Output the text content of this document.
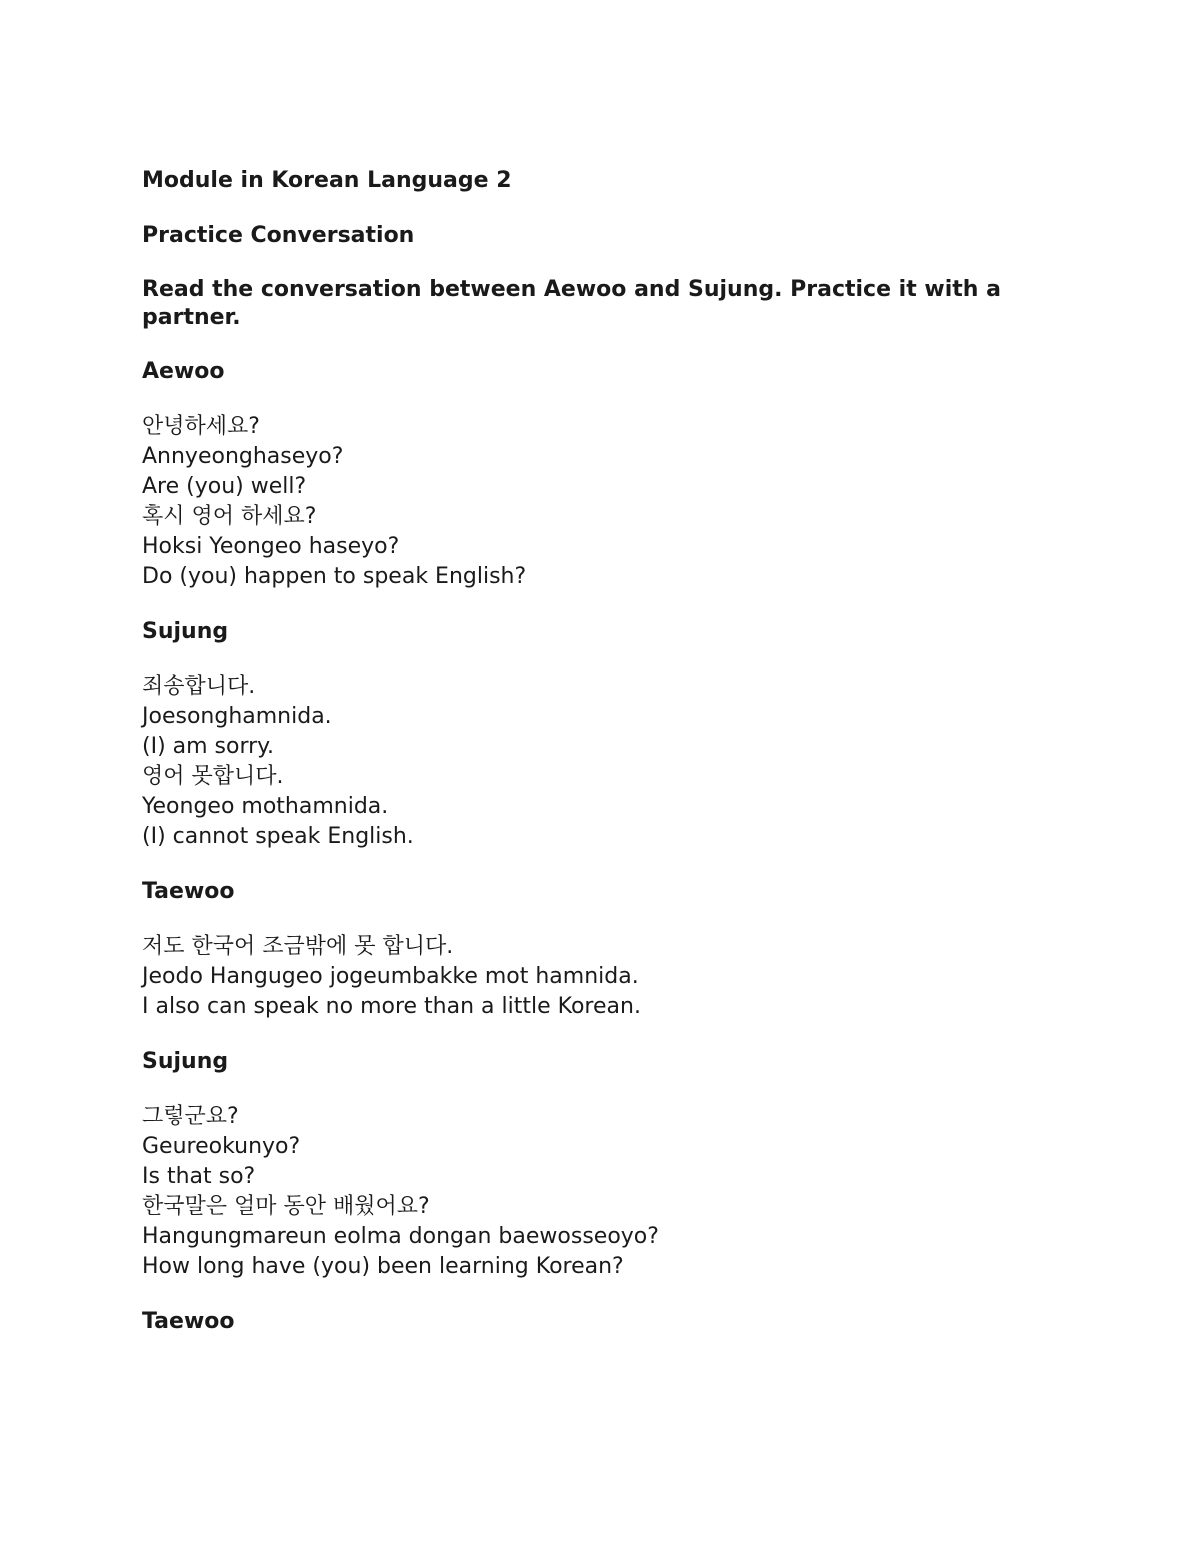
Module in Korean Language 2
Practice Conversation
Read the conversation between Aewoo and Sujung. Practice it with a partner.
Aewoo
안녕하세요?
Annyeonghaseyo?
Are (you) well?
혹시 영어 하세요?
Hoksi Yeongeo haseyo?
Do (you) happen to speak English?
Sujung
죄송합니다.
Joesonghamnida.
(I) am sorry.
영어 못합니다.
Yeongeo mothamnida.
(I) cannot speak English.
Taewoo
저도 한국어 조금밖에 못 합니다.
Jeodo Hangugeo jogeumbakke mot hamnida.
I also can speak no more than a little Korean.
Sujung
그렇군요?
Geureokunyo?
Is that so?
한국말은 얼마 동안 배웠어요?
Hangungmareun eolma dongan baewosseoyo?
How long have (you) been learning Korean?
Taewoo
